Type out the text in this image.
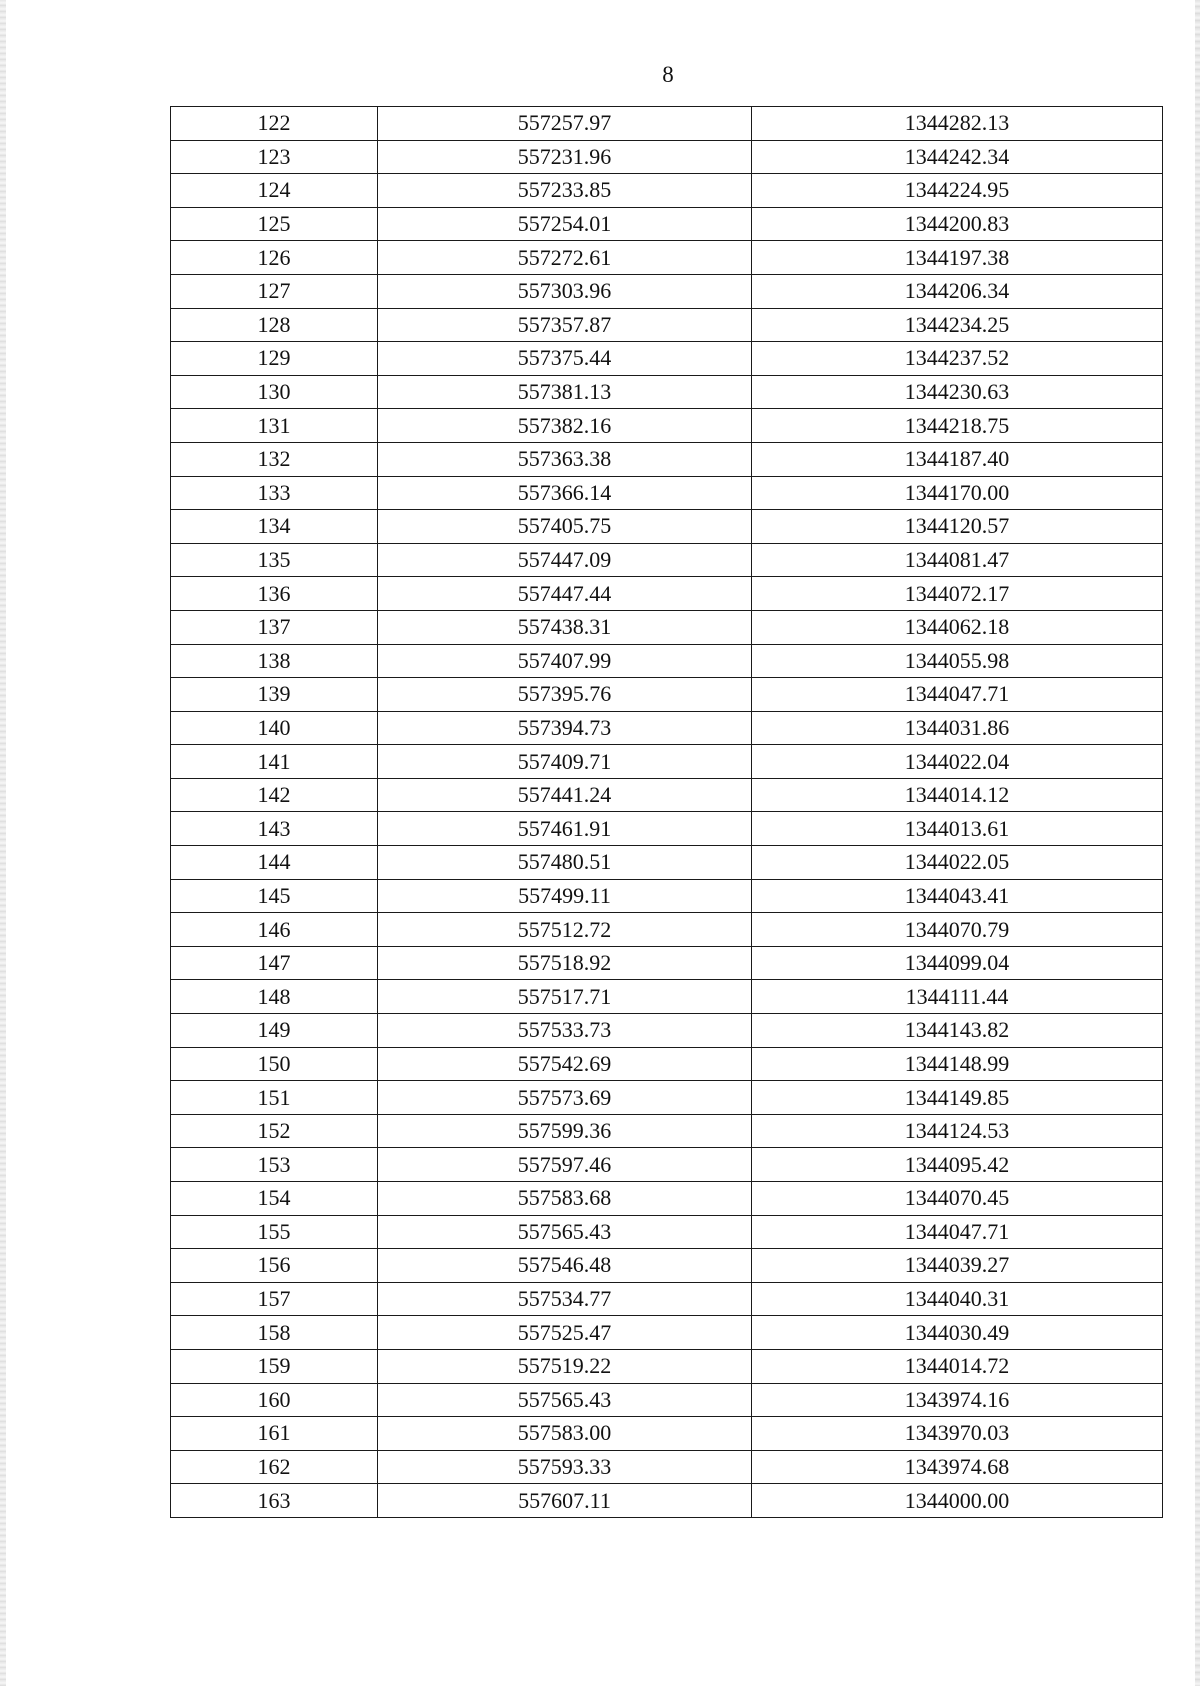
8
122	557257.97	1344282.13
123	557231.96	1344242.34
124	557233.85	1344224.95
125	557254.01	1344200.83
126	557272.61	1344197.38
127	557303.96	1344206.34
128	557357.87	1344234.25
129	557375.44	1344237.52
130	557381.13	1344230.63
131	557382.16	1344218.75
132	557363.38	1344187.40
133	557366.14	1344170.00
134	557405.75	1344120.57
135	557447.09	1344081.47
136	557447.44	1344072.17
137	557438.31	1344062.18
138	557407.99	1344055.98
139	557395.76	1344047.71
140	557394.73	1344031.86
141	557409.71	1344022.04
142	557441.24	1344014.12
143	557461.91	1344013.61
144	557480.51	1344022.05
145	557499.11	1344043.41
146	557512.72	1344070.79
147	557518.92	1344099.04
148	557517.71	1344111.44
149	557533.73	1344143.82
150	557542.69	1344148.99
151	557573.69	1344149.85
152	557599.36	1344124.53
153	557597.46	1344095.42
154	557583.68	1344070.45
155	557565.43	1344047.71
156	557546.48	1344039.27
157	557534.77	1344040.31
158	557525.47	1344030.49
159	557519.22	1344014.72
160	557565.43	1343974.16
161	557583.00	1343970.03
162	557593.33	1343974.68
163	557607.11	1344000.00
